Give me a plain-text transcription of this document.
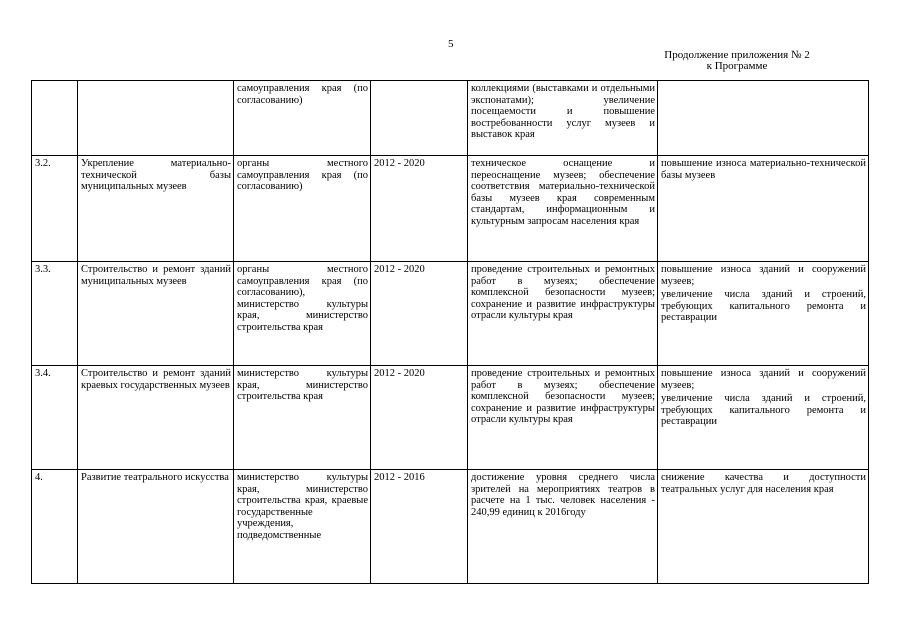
5
Продолжение приложения № 2
к Программе
		самоуправления края (по согласованию)		коллекциями (выставками и отдельными экспонатами); увеличение посещаемости и повышение востребованности услуг музеев и выставок края	
3.2.	Укрепление материально-технической базы муниципальных музеев	органы местного самоуправления края (по согласованию)	2012 - 2020	техническое оснащение и переоснащение музеев; обеспечение соответствия материально-технической базы музеев края современным стандартам, информационным и культурным запросам населения края	повышение износа материально-технической базы музеев

3.3.	Строительство и ремонт зданий муниципальных музеев	органы местного самоуправления края (по согласованию), министерство культуры края, министерство строительства края	2012 - 2020	проведение строительных и ремонтных работ в музеях; обеспечение комплексной безопасности музеев; сохранение и развитие инфраструктуры отрасли культуры края	повышение износа зданий и сооружений музеев;
увеличение числа зданий и строений, требующих капитального ремонта и реставрации

3.4.	Строительство и ремонт зданий краевых государственных музеев	министерство культуры края, министерство строительства края	2012 - 2020	проведение строительных и ремонтных работ в музеях; обеспечение комплексной безопасности музеев; сохранение и развитие инфраструктуры отрасли культуры края	повышение износа зданий и сооружений музеев;
увеличение числа зданий и строений, требующих капитального ремонта и реставрации

4.	Развитие театрального искусства	министерство культуры края, министерство строительства края, краевые государственные учреждения, подведомственные	2012 - 2016	достижение уровня среднего числа зрителей на мероприятиях театров в расчете на 1 тыс. человек населения - 240,99 единиц к 2016году	снижение качества и доступности театральных услуг для населения края
